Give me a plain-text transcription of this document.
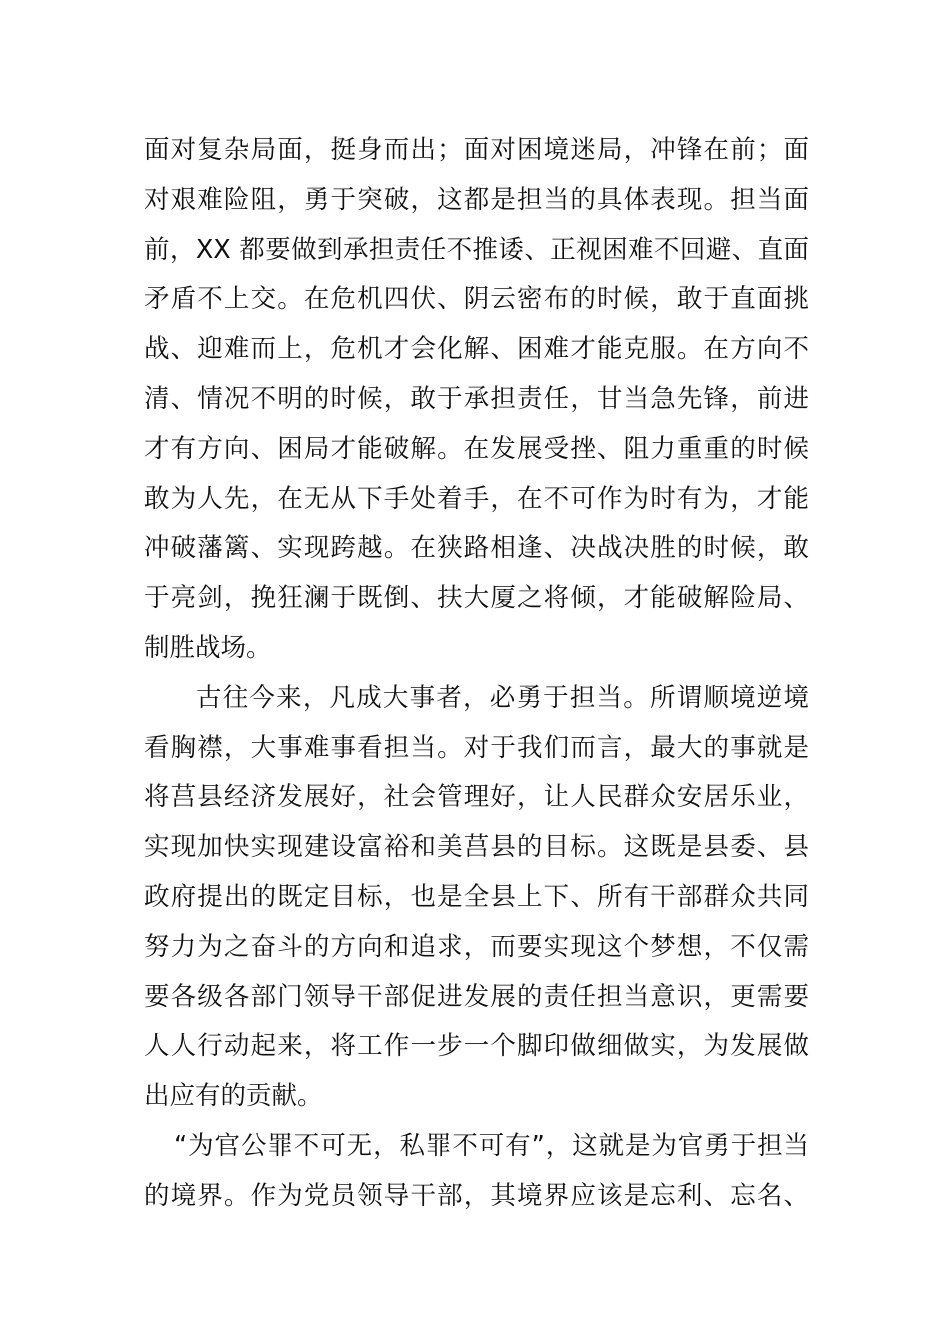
面对复杂局面，挺身而出；面对困境迷局，冲锋在前；面
对艰难险阻，勇于突破，这都是担当的具体表现。担当面
前，XX 都要做到承担责任不推诿、正视困难不回避、直面
矛盾不上交。在危机四伏、阴云密布的时候，敢于直面挑
战、迎难而上，危机才会化解、困难才能克服。在方向不
清、情况不明的时候，敢于承担责任，甘当急先锋，前进
才有方向、困局才能破解。在发展受挫、阻力重重的时候
敢为人先，在无从下手处着手，在不可作为时有为，才能
冲破藩篱、实现跨越。在狭路相逢、决战决胜的时候，敢
于亮剑，挽狂澜于既倒、扶大厦之将倾，才能破解险局、
制胜战场。
古往今来，凡成大事者，必勇于担当。所谓顺境逆境
看胸襟，大事难事看担当。对于我们而言，最大的事就是
将莒县经济发展好，社会管理好，让人民群众安居乐业，
实现加快实现建设富裕和美莒县的目标。这既是县委、县
政府提出的既定目标，也是全县上下、所有干部群众共同
努力为之奋斗的方向和追求，而要实现这个梦想，不仅需
要各级各部门领导干部促进发展的责任担当意识，更需要
人人行动起来，将工作一步一个脚印做细做实，为发展做
出应有的贡献。
“为官公罪不可无，私罪不可有”，这就是为官勇于担当
的境界。作为党员领导干部，其境界应该是忘利、忘名、
